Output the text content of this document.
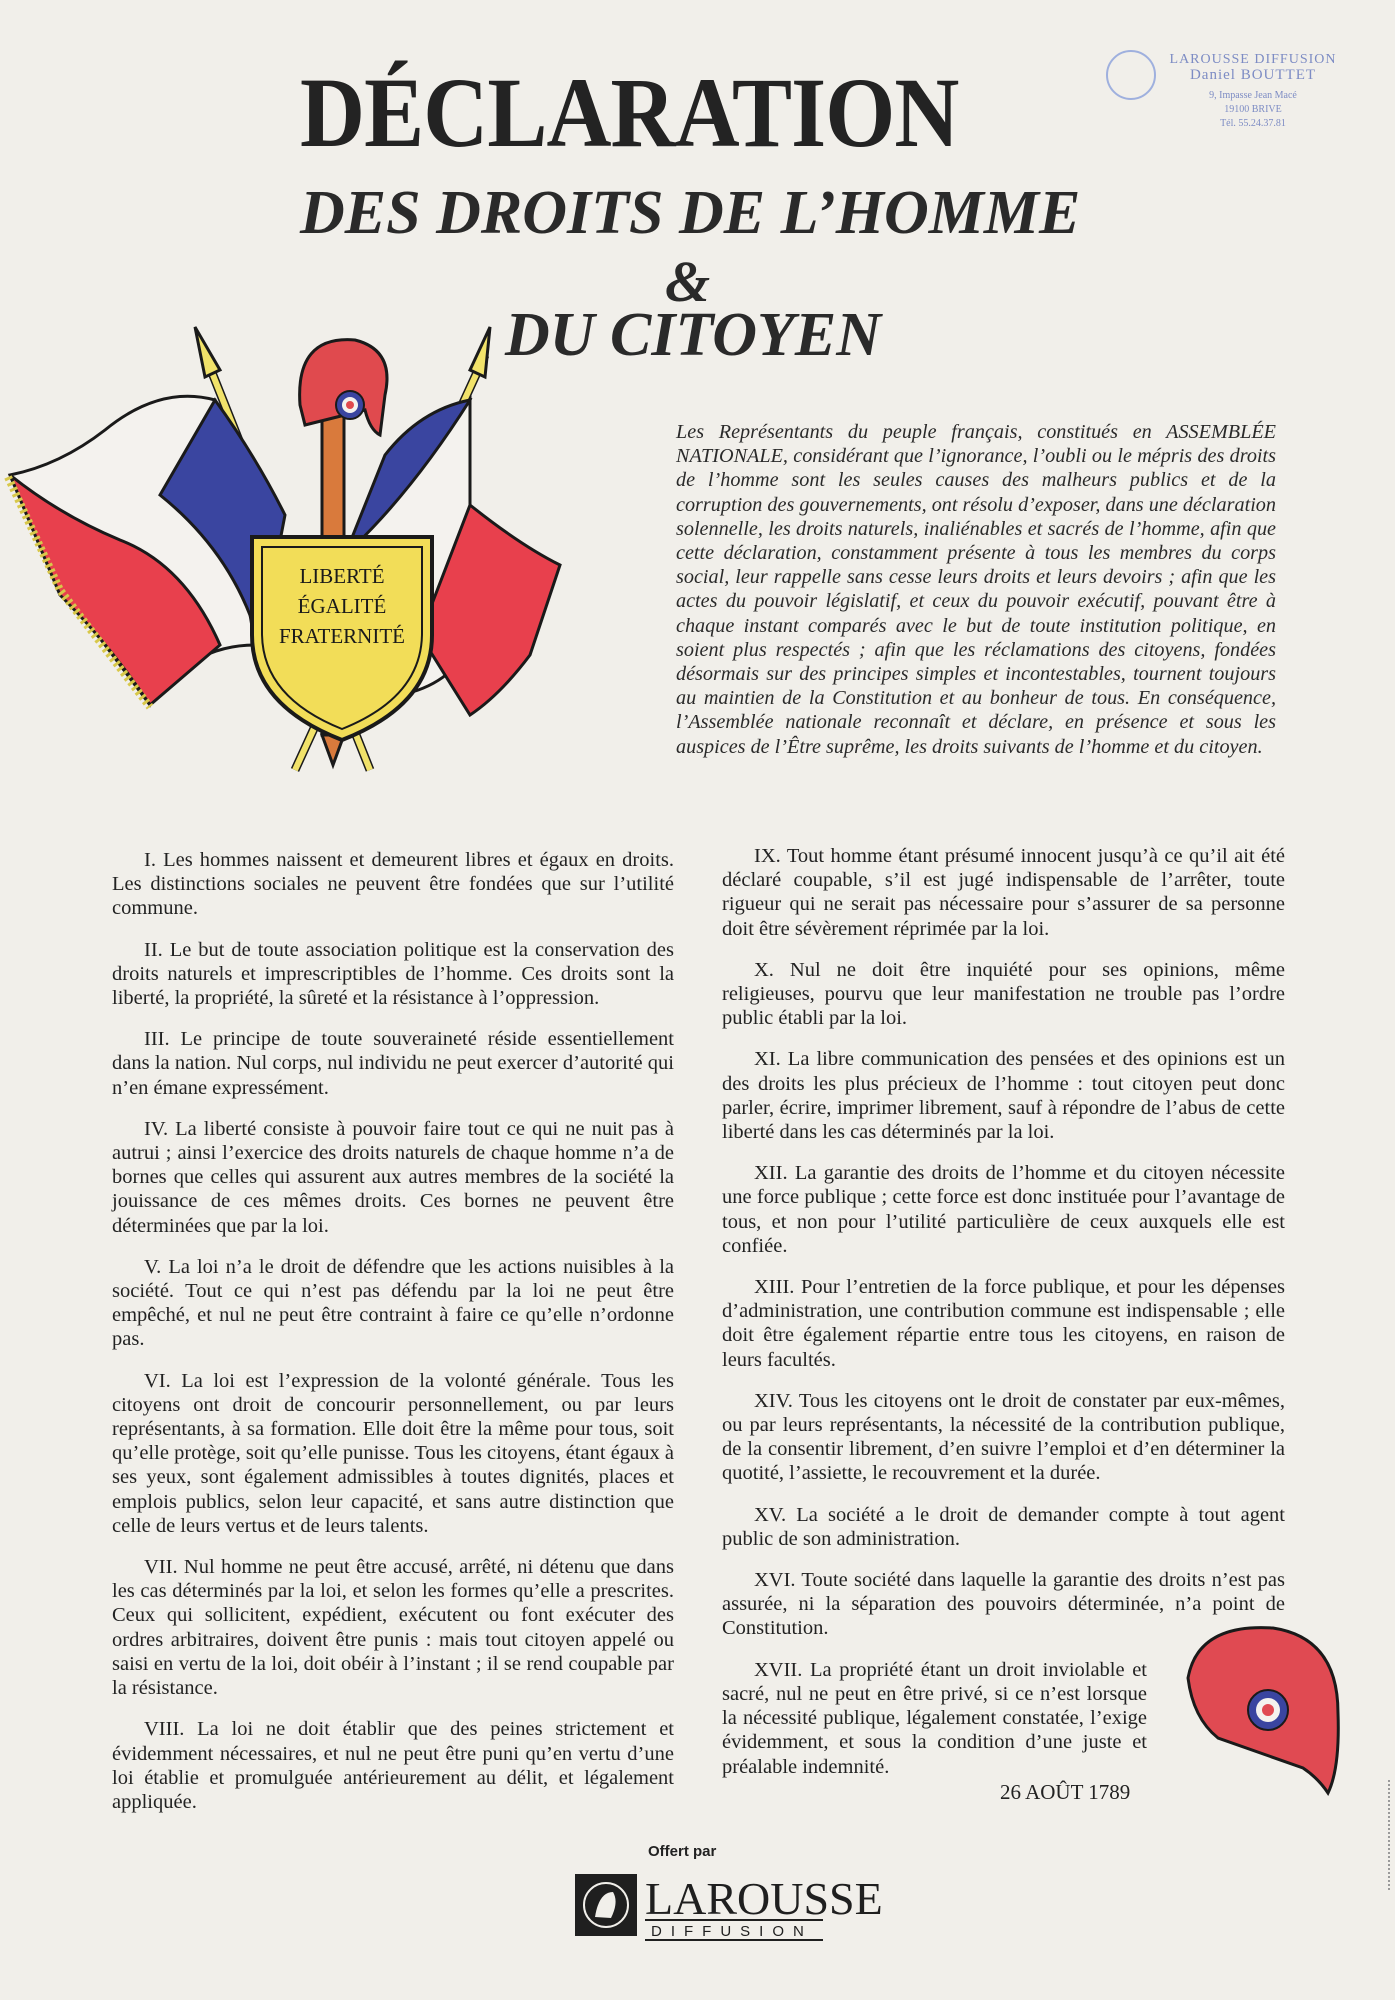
DÉCLARATION
DES DROITS DE L’HOMME
&
DU CITOYEN
LAROUSSE DIFFUSION
Daniel BOUTTET
9, Impasse Jean Macé
19100 BRIVE
Tél. 55.24.37.81
LIBERTÉ
ÉGALITÉ
FRATERNITÉ
Les Représentants du peuple français, constitués en ASSEMBLÉE NATIONALE, considérant que l’ignorance, l’oubli ou le mépris des droits de l’homme sont les seules causes des malheurs publics et de la corruption des gouvernements, ont résolu d’exposer, dans une déclaration solennelle, les droits naturels, inaliénables et sacrés de l’homme, afin que cette déclaration, constamment présente à tous les membres du corps social, leur rappelle sans cesse leurs droits et leurs devoirs ; afin que les actes du pouvoir législatif, et ceux du pouvoir exécutif, pouvant être à chaque instant comparés avec le but de toute institution politique, en soient plus respectés ; afin que les réclamations des citoyens, fondées désormais sur des principes simples et incontestables, tournent toujours au maintien de la Constitution et au bonheur de tous. En conséquence, l’Assemblée nationale reconnaît et déclare, en présence et sous les auspices de l’Être suprême, les droits suivants de l’homme et du citoyen.

I. Les hommes naissent et demeurent libres et égaux en droits. Les distinctions sociales ne peuvent être fondées que sur l’utilité commune.

II. Le but de toute association politique est la conservation des droits naturels et imprescriptibles de l’homme. Ces droits sont la liberté, la propriété, la sûreté et la résistance à l’oppression.

III. Le principe de toute souveraineté réside essentiellement dans la nation. Nul corps, nul individu ne peut exercer d’autorité qui n’en émane expressément.

IV. La liberté consiste à pouvoir faire tout ce qui ne nuit pas à autrui ; ainsi l’exercice des droits naturels de chaque homme n’a de bornes que celles qui assurent aux autres membres de la société la jouissance de ces mêmes droits. Ces bornes ne peuvent être déterminées que par la loi.

V. La loi n’a le droit de défendre que les actions nuisibles à la société. Tout ce qui n’est pas défendu par la loi ne peut être empêché, et nul ne peut être contraint à faire ce qu’elle n’ordonne pas.

VI. La loi est l’expression de la volonté générale. Tous les citoyens ont droit de concourir personnellement, ou par leurs représentants, à sa formation. Elle doit être la même pour tous, soit qu’elle protège, soit qu’elle punisse. Tous les citoyens, étant égaux à ses yeux, sont également admissibles à toutes dignités, places et emplois publics, selon leur capacité, et sans autre distinction que celle de leurs vertus et de leurs talents.

VII. Nul homme ne peut être accusé, arrêté, ni détenu que dans les cas déterminés par la loi, et selon les formes qu’elle a prescrites. Ceux qui sollicitent, expédient, exécutent ou font exécuter des ordres arbitraires, doivent être punis : mais tout citoyen appelé ou saisi en vertu de la loi, doit obéir à l’instant ; il se rend coupable par la résistance.

VIII. La loi ne doit établir que des peines strictement et évidemment nécessaires, et nul ne peut être puni qu’en vertu d’une loi établie et promulguée antérieurement au délit, et légalement appliquée.

IX. Tout homme étant présumé innocent jusqu’à ce qu’il ait été déclaré coupable, s’il est jugé indispensable de l’arrêter, toute rigueur qui ne serait pas nécessaire pour s’assurer de sa personne doit être sévèrement réprimée par la loi.

X. Nul ne doit être inquiété pour ses opinions, même religieuses, pourvu que leur manifestation ne trouble pas l’ordre public établi par la loi.

XI. La libre communication des pensées et des opinions est un des droits les plus précieux de l’homme : tout citoyen peut donc parler, écrire, imprimer librement, sauf à répondre de l’abus de cette liberté dans les cas déterminés par la loi.

XII. La garantie des droits de l’homme et du citoyen nécessite une force publique ; cette force est donc instituée pour l’avantage de tous, et non pour l’utilité particulière de ceux auxquels elle est confiée.

XIII. Pour l’entretien de la force publique, et pour les dépenses d’administration, une contribution commune est indispensable ; elle doit être également répartie entre tous les citoyens, en raison de leurs facultés.

XIV. Tous les citoyens ont le droit de constater par eux-mêmes, ou par leurs représentants, la nécessité de la contribution publique, de la consentir librement, d’en suivre l’emploi et d’en déterminer la quotité, l’assiette, le recouvrement et la durée.

XV. La société a le droit de demander compte à tout agent public de son administration.

XVI. Toute société dans laquelle la garantie des droits n’est pas assurée, ni la séparation des pouvoirs déterminée, n’a point de Constitution.

XVII. La propriété étant un droit inviolable et sacré, nul ne peut en être privé, si ce n’est lorsque la nécessité publique, légalement constatée, l’exige évidemment, et sous la condition d’une juste et préalable indemnité.

26 AOÛT 1789
Offert par
LAROUSSE
DIFFUSION
